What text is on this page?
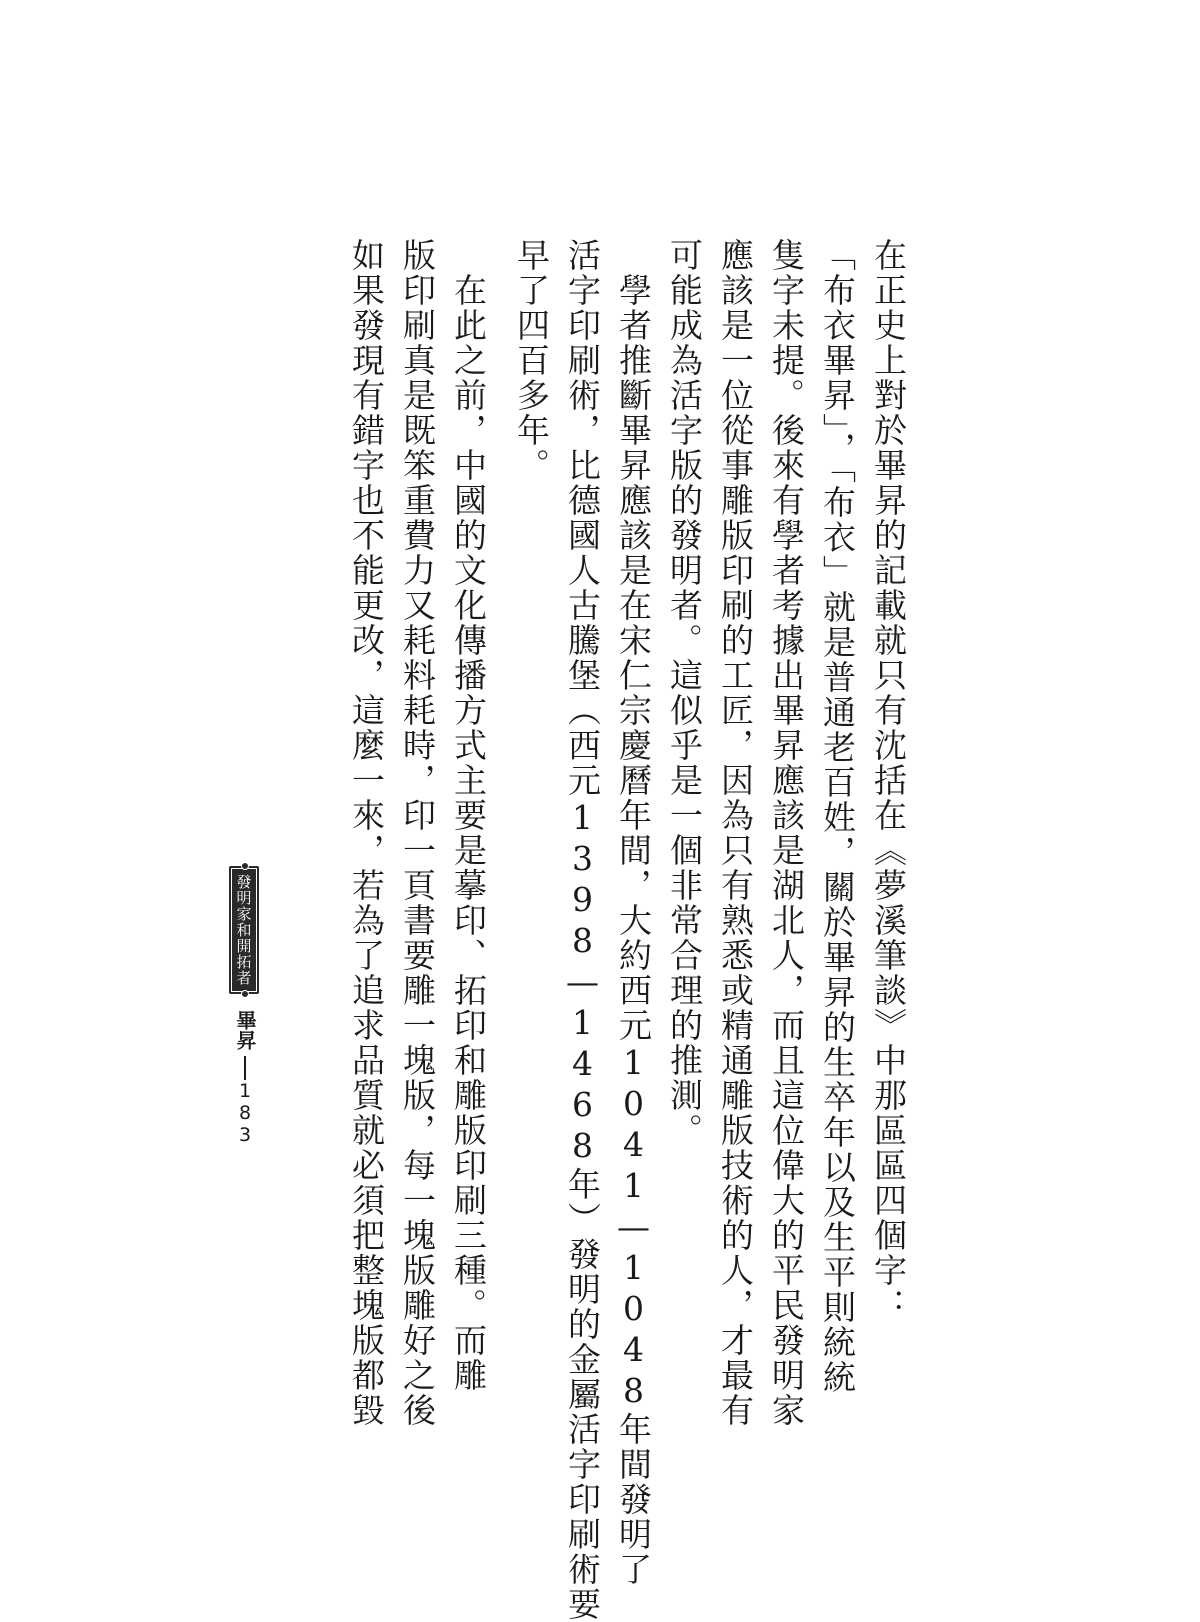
在正史上對於畢昇的記載就只有沈括在《夢溪筆談》中那區區四個字：
「布衣畢昇」，「布衣」就是普通老百姓，關於畢昇的生卒年以及生平則統統
隻字未提。後來有學者考據出畢昇應該是湖北人，而且這位偉大的平民發明家
應該是一位從事雕版印刷的工匠，因為只有熟悉或精通雕版技術的人，才最有
可能成為活字版的發明者。這似乎是一個非常合理的推測。
　學者推斷畢昇應該是在宋仁宗慶曆年間，大約西元1041—1048年間發明了
活字印刷術，比德國人古騰堡（西元1398—1468年）發明的金屬活字印刷術要
早了四百多年。
　在此之前，中國的文化傳播方式主要是摹印、拓印和雕版印刷三種。而雕
版印刷真是既笨重費力又耗料耗時，印一頁書要雕一塊版，每一塊版雕好之後
如果發現有錯字也不能更改，這麼一來，若為了追求品質就必須把整塊版都毀
發明家和開拓者
畢昇
183
